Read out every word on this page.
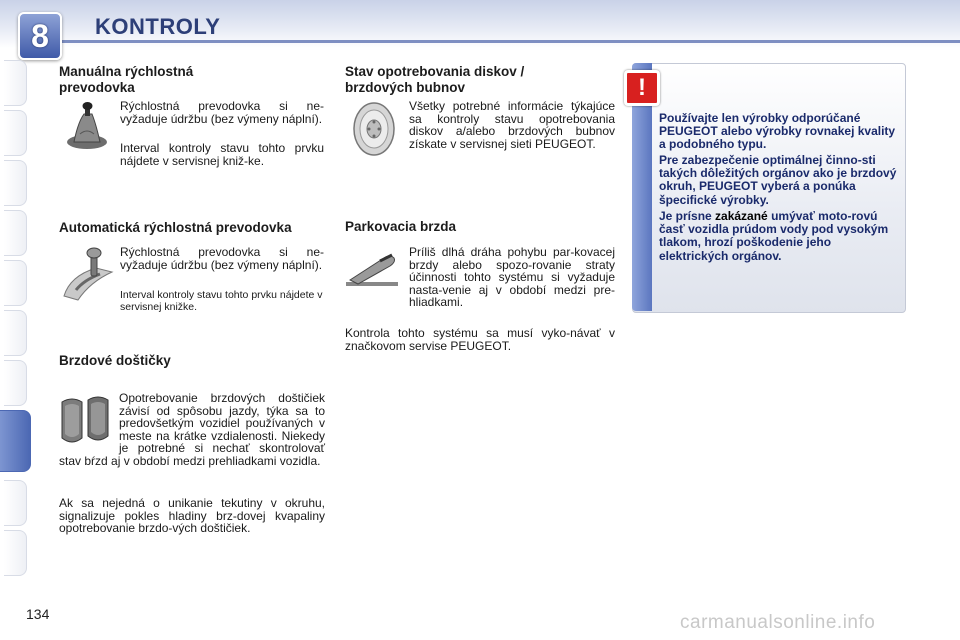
8	KONTROLY
Manuálna rýchlostná
prevodovka
Rýchlostná prevodovka si ne-vyžaduje údržbu (bez výmeny náplní).
Interval kontroly stavu tohto prvku nájdete v servisnej kniž-ke.
Automatická rýchlostná prevodovka
Rýchlostná prevodovka si ne-vyžaduje údržbu (bez výmeny náplní).
Interval kontroly stavu tohto prvku nájdete v servisnej knižke.
Brzdové doštičky
Opotrebovanie brzdových doštičiek závisí od spôsobu jazdy, týka sa to predovšetkým vozidiel používaných v meste na krátke vzdialenosti. Niekedy je potrebné si nechať skontrolovať stav bŕzd aj v období medzi prehliadkami vozidla.
Ak sa nejedná o unikanie tekutiny v okruhu, signalizuje pokles hladiny brz-dovej kvapaliny opotrebovanie brzdo-vých doštičiek.
Stav opotrebovania diskov /
brzdových bubnov
Všetky potrebné informácie týkajúce sa kontroly stavu opotrebovania diskov a/alebo brzdových bubnov získate v servisnej sieti PEUGEOT.
Parkovacia brzda
Príliš dlhá dráha pohybu par-kovacej brzdy alebo spozo-rovanie straty účinnosti tohto systému si vyžaduje nasta-venie aj v období medzi pre-hliadkami.
Kontrola tohto systému sa musí vyko-návať v značkovom servise PEUGEOT.
!
Používajte len výrobky odporúčané PEUGEOT alebo výrobky rovnakej kvality a podobného typu.
Pre zabezpečenie optimálnej činno-sti takých dôležitých orgánov ako je brzdový okruh, PEUGEOT vyberá a ponúka špecifické výrobky.
Je prísne zakázané umývať moto-rovú časť vozidla prúdom vody pod vysokým tlakom, hrozí poškodenie jeho elektrických orgánov.
134	carmanualsonline.info
